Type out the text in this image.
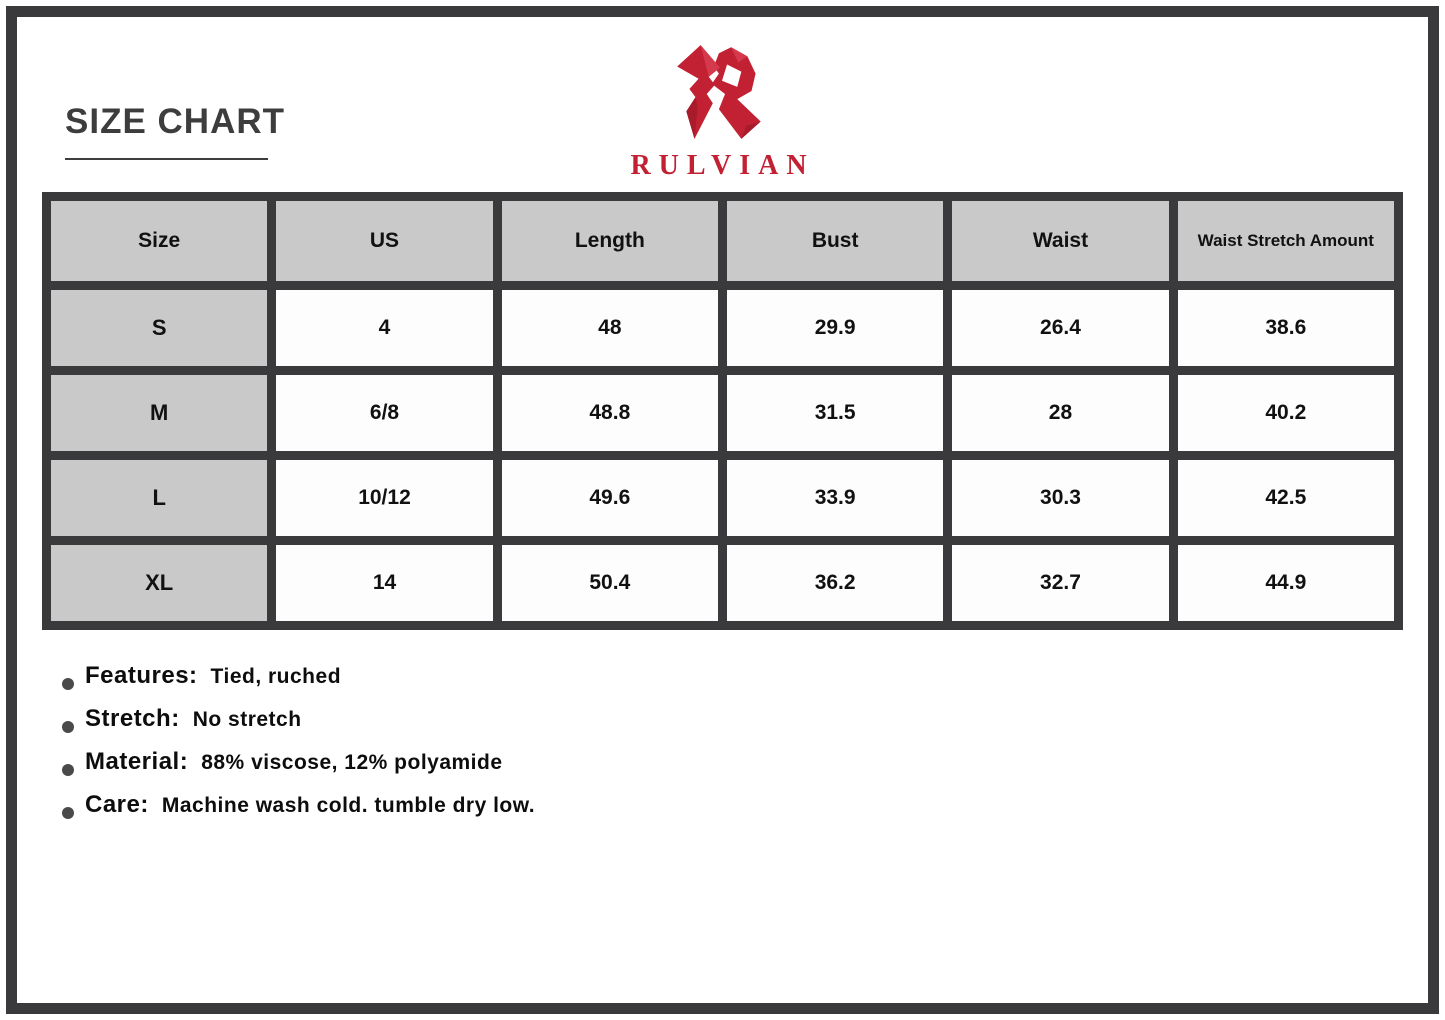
SIZE CHART
RULVIAN
Size	US	Length	Bust	Waist	Waist Stretch Amount
S	4	48	29.9	26.4	38.6
M	6/8	48.8	31.5	28	40.2
L	10/12	49.6	33.9	30.3	42.5
XL	14	50.4	36.2	32.7	44.9
Features: Tied, ruched
Stretch: No stretch
Material: 88% viscose, 12% polyamide
Care: Machine wash cold. tumble dry low.
